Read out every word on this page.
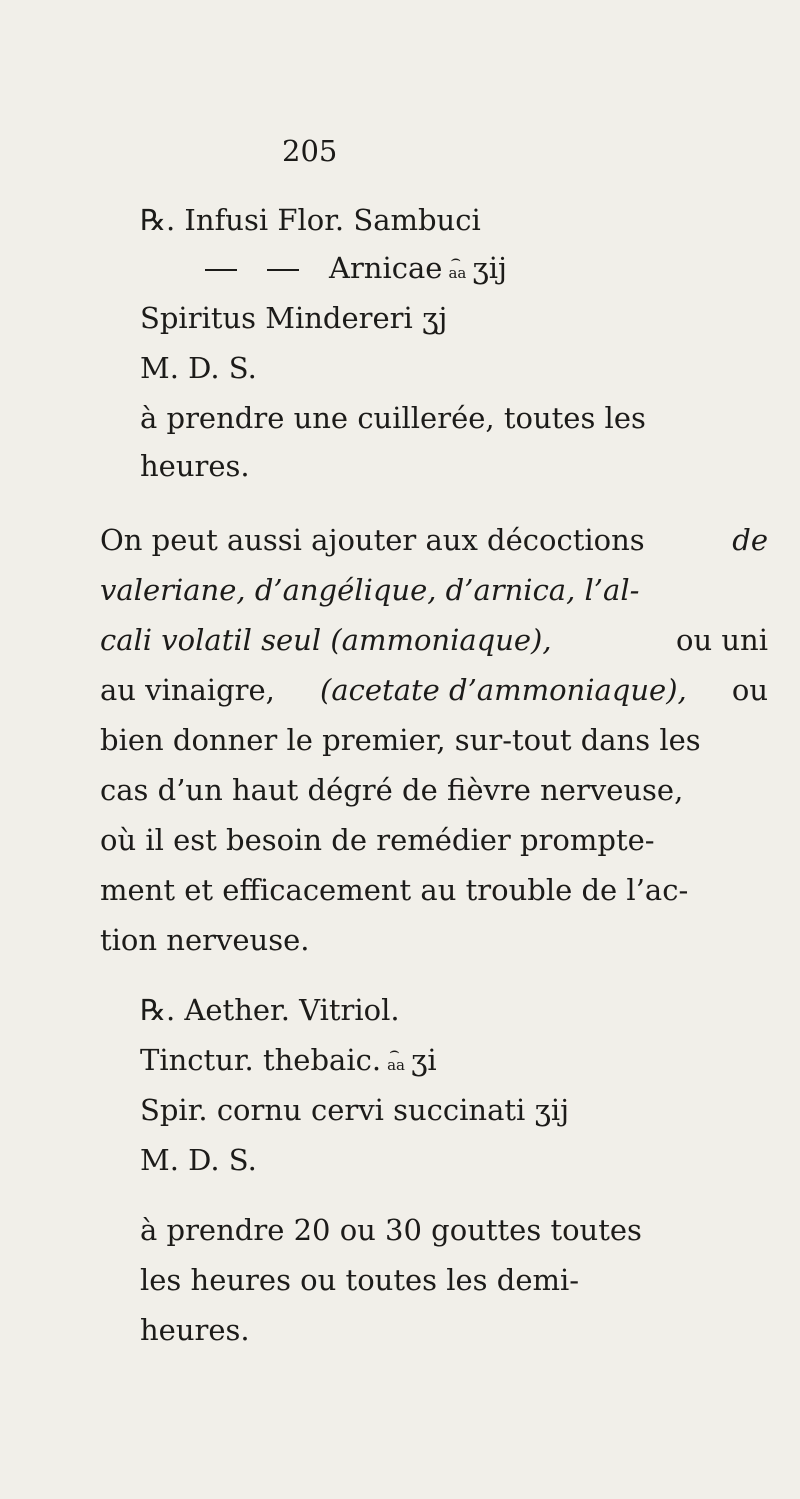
205
℞. Infusi Flor. Sambuci
Arnicae ⌢ aa ʒij
Spiritus Mindereri ʒj
M. D. S.
à prendre une cuillerée, toutes les
heures.
On peut aussi ajouter aux décoctions	de
valeriane, d’angélique, d’arnica, l’al-
cali volatil seul (ammoniaque),	ou uni
au vinaigre, (acetate d’ammoniaque), ou
bien donner le premier, sur-tout dans les
cas d’un haut dégré de fièvre nerveuse,
où il est besoin de remédier prompte-
ment et efficacement au trouble de l’ac-
tion nerveuse.
℞. Aether. Vitriol.
Tinctur. thebaic. ⌢ aa ʒi
Spir. cornu cervi succinati ʒij
M. D. S.
à prendre 20 ou 30 gouttes toutes
les heures ou toutes les demi-
heures.
